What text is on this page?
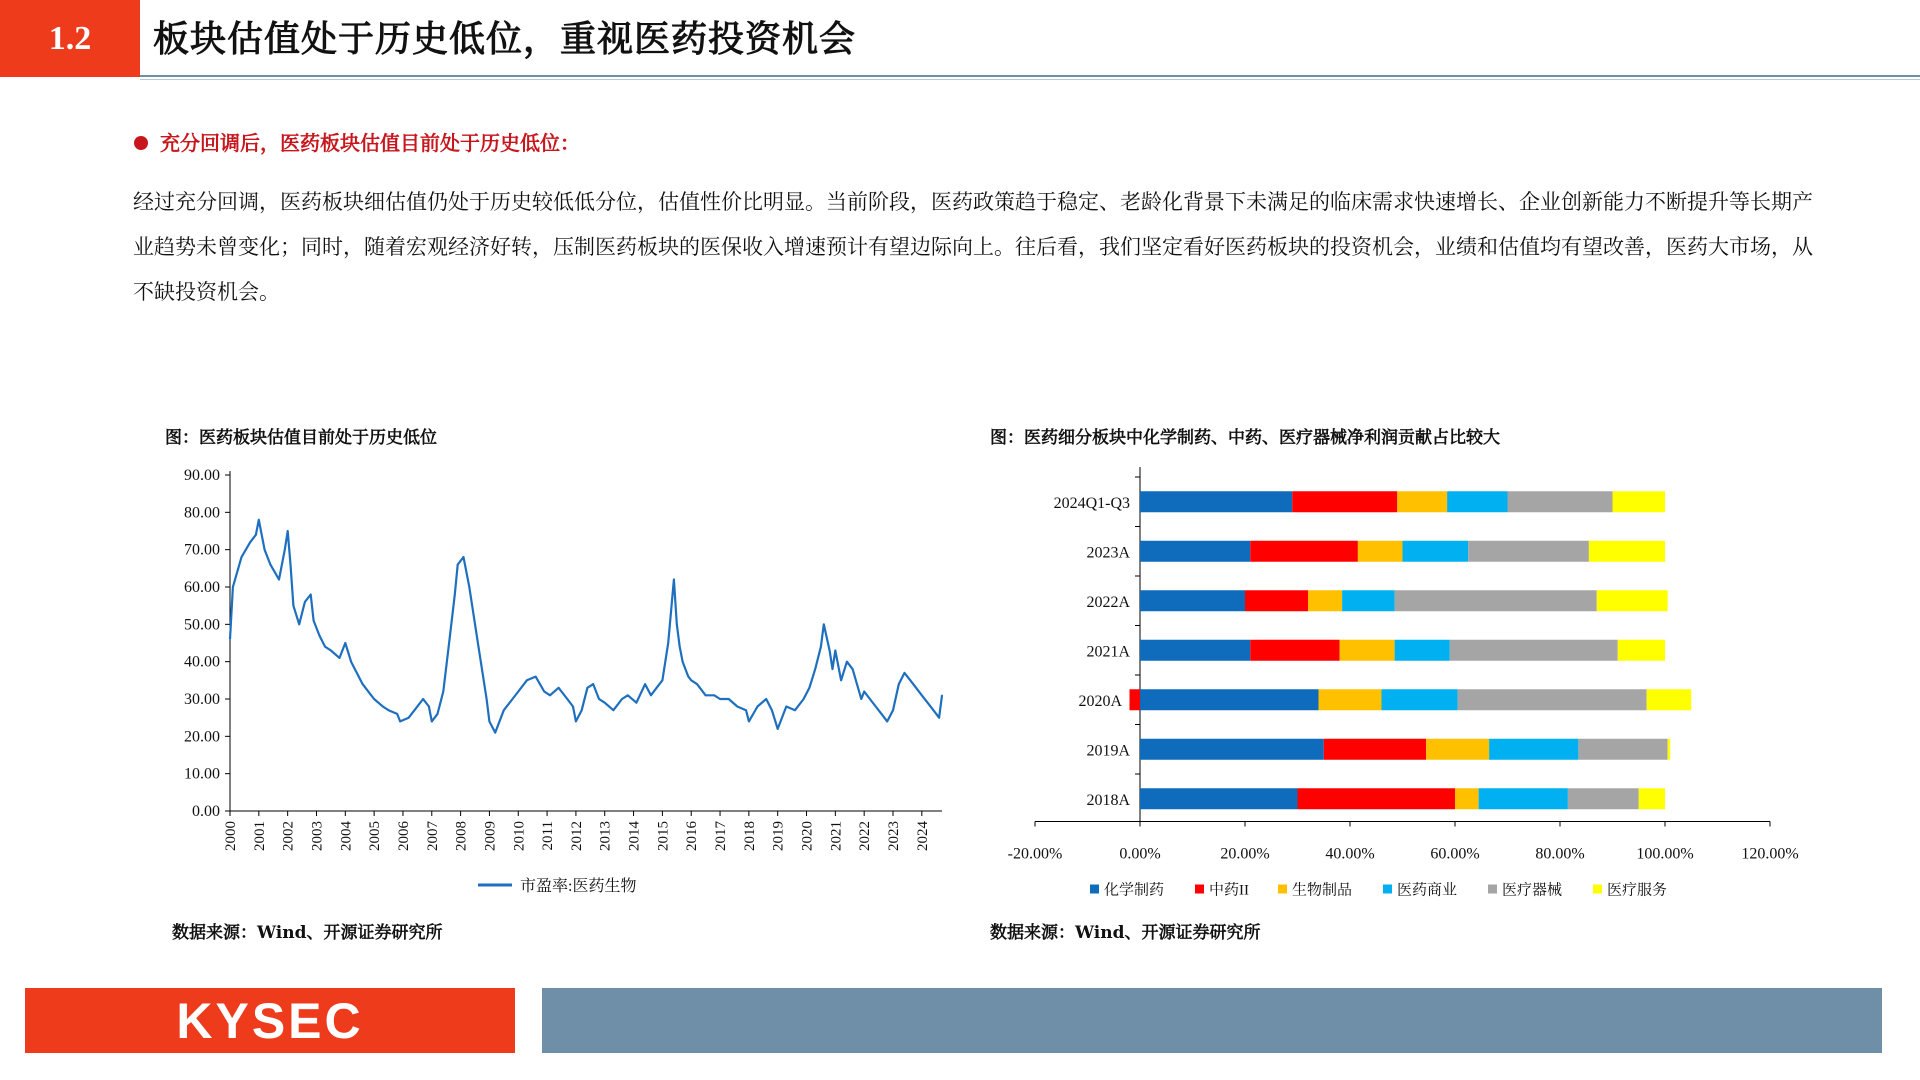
1.2	板块估值处于历史低位，重视医药投资机会
充分回调后，医药板块估值目前处于历史低位：
经过充分回调，医药板块细估值仍处于历史较低低分位，估值性价比明显。当前阶段，医药政策趋于稳定、老龄化背景下未满足的临床需求快速增长、企业创新能力不断提升等长期产业趋势未曾变化；同时，随着宏观经济好转，压制医药板块的医保收入增速预计有望边际向上。往后看，我们坚定看好医药板块的投资机会，业绩和估值均有望改善，医药大市场，从不缺投资机会。
图：医药板块估值目前处于历史低位
90.00
80.00
70.00
60.00
50.00
40.00
30.00
20.00
10.00
0.00
2000 2001 2002 2003 2004 2005 2006 2007 2008 2009 2010 2011 2012 2013 2014 2015 2016 2017 2018 2019 2020 2021 2022 2023 2024
市盈率:医药生物
数据来源：Wind、开源证券研究所
图：医药细分板块中化学制药、中药、医疗器械净利润贡献占比较大
-20.00%	0.00%	20.00%	40.00%	60.00%	80.00%	100.00%	120.00%
2024Q1-Q3
2023A
2022A
2021A
2020A
2019A
2018A
化学制药	中药II	生物制品	医药商业	医疗器械	医疗服务
数据来源：Wind、开源证券研究所
KYSEC
